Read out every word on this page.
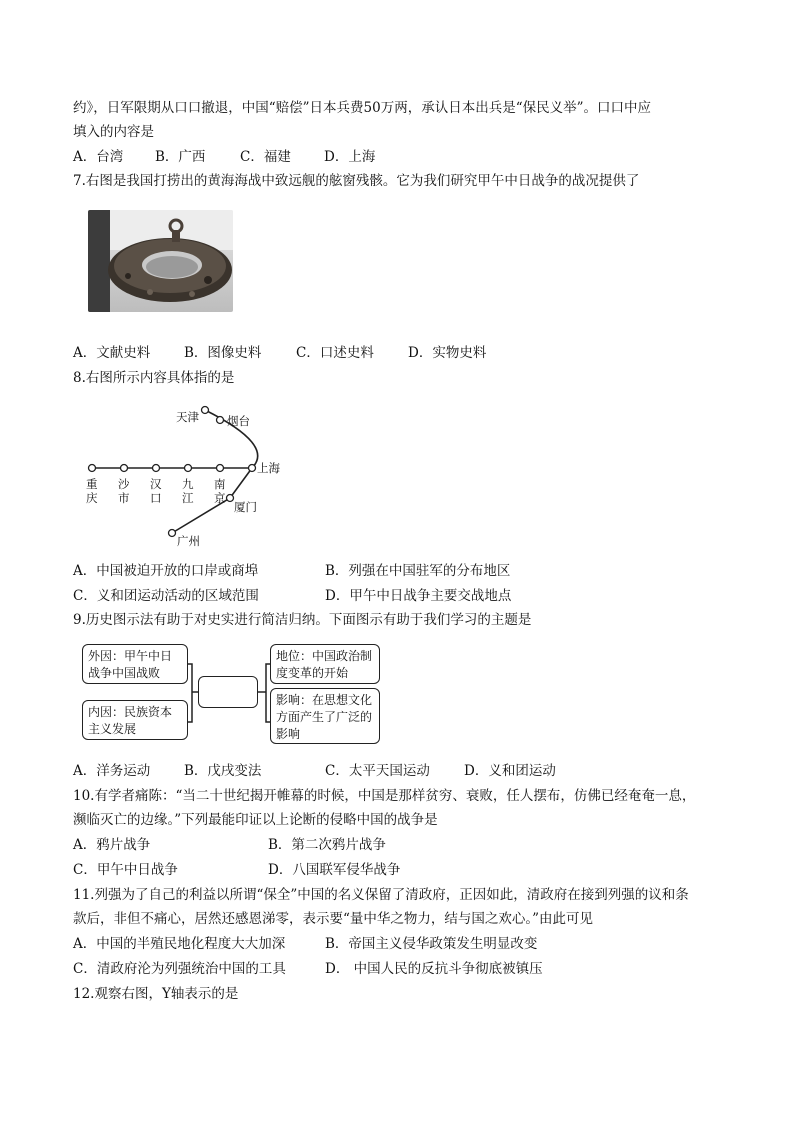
约》，日军限期从口口撤退，中国“赔偿”日本兵费50万两，承认日本出兵是“保民义举”。口口中应
填入的内容是
A．台湾 B．广西	C．福建 D．上海
7.右图是我国打捞出的黄海海战中致远舰的舷窗残骸。它为我们研究甲午中日战争的战况提供了
A．文献史料	B．图像史料	C．口述史料	D．实物史料
8.右图所示内容具体指的是
天津 烟台
上海
厦门
广州
重
庆
沙
市
汉
口
九
江
南
京
A．中国被迫开放的口岸或商埠	B．列强在中国驻军的分布地区
C．义和团运动活动的区域范围	D．甲午中日战争主要交战地点
9.历史图示法有助于对史实进行简洁归纳。下面图示有助于我们学习的主题是
外因：甲午中日战争中国战败
内因：民族资本主义发展
地位：中国政治制度变革的开始
影响：在思想文化方面产生了广泛的影响
A．洋务运动	B．戊戌变法	C．太平天国运动	D．义和团运动
10.有学者痛陈：“当二十世纪揭开帷幕的时候，中国是那样贫穷、衰败，任人摆布，仿佛已经奄奄一息，
濒临灭亡的边缘。”下列最能印证以上论断的侵略中国的战争是
A．鸦片战争	B．第二次鸦片战争
C．甲午中日战争	D．八国联军侵华战争
11.列强为了自己的利益以所谓“保全”中国的名义保留了清政府，正因如此，清政府在接到列强的议和条
款后，非但不痛心，居然还感恩涕零，表示要“量中华之物力，结与国之欢心。”由此可见
A．中国的半殖民地化程度大大加深	B．帝国主义侵华政策发生明显改变
C．清政府沦为列强统治中国的工具	D． 中国人民的反抗斗争彻底被镇压
12.观察右图，Y轴表示的是
